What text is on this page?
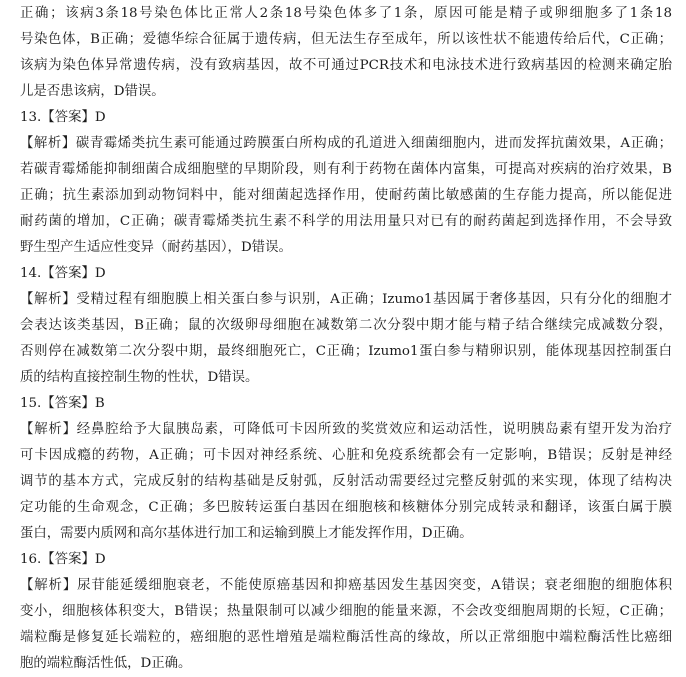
正确；该病3条18号染色体比正常人2条18号染色体多了1条，原因可能是精子或卵细胞多了1条18
号染色体，B正确；爱德华综合征属于遗传病，但无法生存至成年，所以该性状不能遗传给后代，C正确；
该病为染色体异常遗传病，没有致病基因，故不可通过PCR技术和电泳技术进行致病基因的检测来确定胎
儿是否患该病，D错误。
13.【答案】D
【解析】碳青霉烯类抗生素可能通过跨膜蛋白所构成的孔道进入细菌细胞内，进而发挥抗菌效果，A正确；
若碳青霉烯能抑制细菌合成细胞壁的早期阶段，则有利于药物在菌体内富集，可提高对疾病的治疗效果，B
正确；抗生素添加到动物饲料中，能对细菌起选择作用，使耐药菌比敏感菌的生存能力提高，所以能促进
耐药菌的增加，C正确；碳青霉烯类抗生素不科学的用法用量只对已有的耐药菌起到选择作用，不会导致
野生型产生适应性变异（耐药基因），D错误。
14.【答案】D
【解析】受精过程有细胞膜上相关蛋白参与识别，A正确；Izumo1基因属于奢侈基因，只有分化的细胞才
会表达该类基因，B正确；鼠的次级卵母细胞在减数第二次分裂中期才能与精子结合继续完成减数分裂，
否则停在减数第二次分裂中期，最终细胞死亡，C正确；Izumo1蛋白参与精卵识别，能体现基因控制蛋白
质的结构直接控制生物的性状，D错误。
15.【答案】B
【解析】经鼻腔给予大鼠胰岛素，可降低可卡因所致的奖赏效应和运动活性，说明胰岛素有望开发为治疗
可卡因成瘾的药物，A正确；可卡因对神经系统、心脏和免疫系统都会有一定影响，B错误；反射是神经
调节的基本方式，完成反射的结构基础是反射弧，反射活动需要经过完整反射弧的来实现，体现了结构决
定功能的生命观念，C正确；多巴胺转运蛋白基因在细胞核和核糖体分别完成转录和翻译，该蛋白属于膜
蛋白，需要内质网和高尔基体进行加工和运输到膜上才能发挥作用，D正确。
16.【答案】D
【解析】尿苷能延缓细胞衰老，不能使原癌基因和抑癌基因发生基因突变，A错误；衰老细胞的细胞体积
变小，细胞核体积变大，B错误；热量限制可以减少细胞的能量来源，不会改变细胞周期的长短，C正确；
端粒酶是修复延长端粒的，癌细胞的恶性增殖是端粒酶活性高的缘故，所以正常细胞中端粒酶活性比癌细
胞的端粒酶活性低，D正确。
